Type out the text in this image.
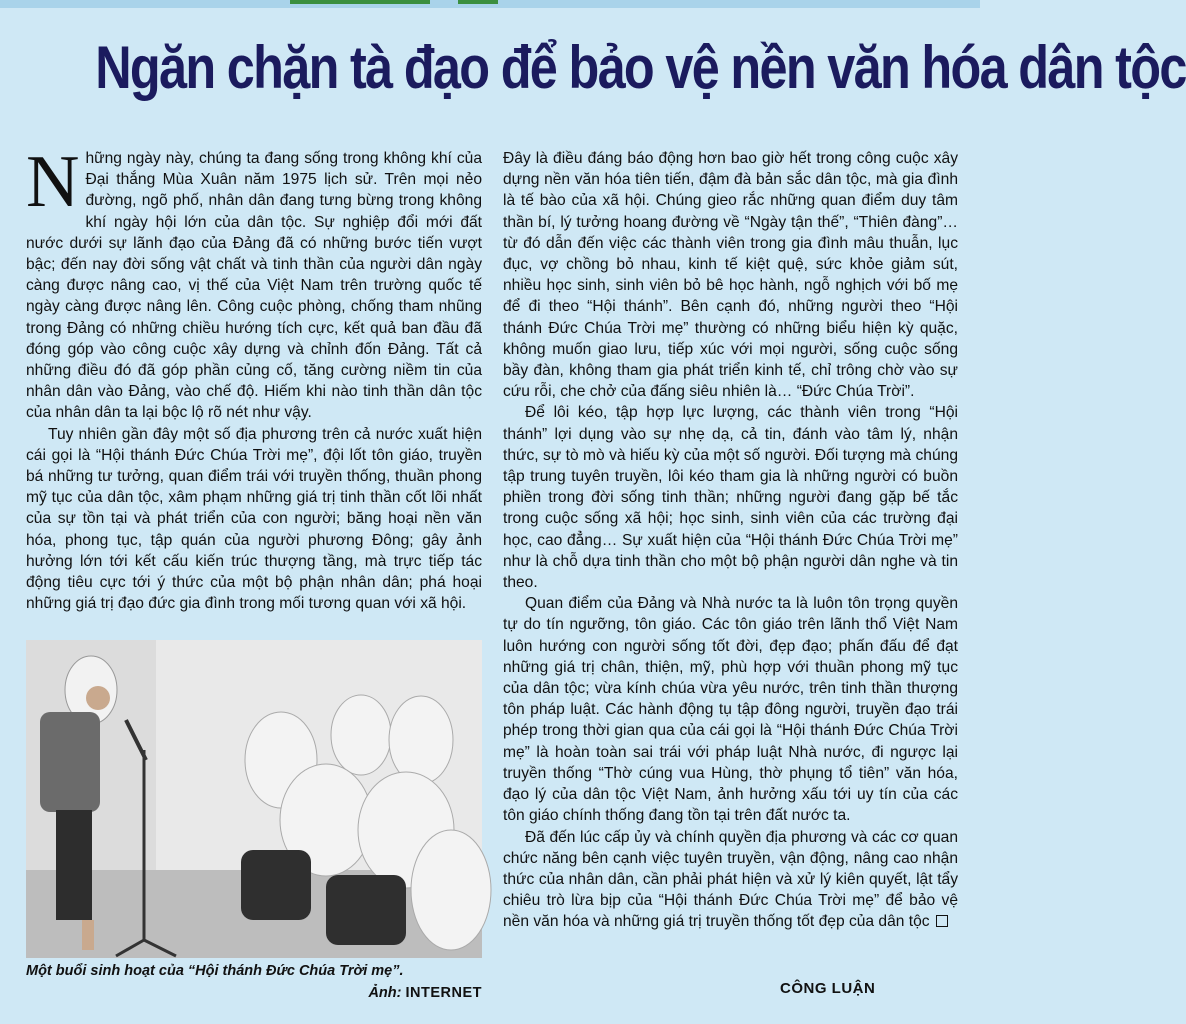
Ngăn chặn tà đạo để bảo vệ nền văn hóa dân tộc

Những ngày này, chúng ta đang sống trong không khí của Đại thắng Mùa Xuân năm 1975 lịch sử. Trên mọi nẻo đường, ngõ phố, nhân dân đang tưng bừng trong không khí ngày hội lớn của dân tộc. Sự nghiệp đổi mới đất nước dưới sự lãnh đạo của Đảng đã có những bước tiến vượt bậc; đến nay đời sống vật chất và tinh thần của người dân ngày càng được nâng cao, vị thế của Việt Nam trên trường quốc tế ngày càng được nâng lên. Công cuộc phòng, chống tham nhũng trong Đảng có những chiều hướng tích cực, kết quả ban đầu đã đóng góp vào công cuộc xây dựng và chỉnh đốn Đảng. Tất cả những điều đó đã góp phần củng cố, tăng cường niềm tin của nhân dân vào Đảng, vào chế độ. Hiếm khi nào tinh thần dân tộc của nhân dân ta lại bộc lộ rõ nét như vậy.

Tuy nhiên gần đây một số địa phương trên cả nước xuất hiện cái gọi là “Hội thánh Đức Chúa Trời mẹ”, đội lốt tôn giáo, truyền bá những tư tưởng, quan điểm trái với truyền thống, thuần phong mỹ tục của dân tộc, xâm phạm những giá trị tinh thần cốt lõi nhất của sự tồn tại và phát triển của con người; băng hoại nền văn hóa, phong tục, tập quán của người phương Đông; gây ảnh hưởng lớn tới kết cấu kiến trúc thượng tầng, mà trực tiếp tác động tiêu cực tới ý thức của một bộ phận nhân dân; phá hoại những giá trị đạo đức gia đình trong mối tương quan với xã hội.

Một buổi sinh hoạt của “Hội thánh Đức Chúa Trời mẹ”.
Ảnh: INTERNET

Đây là điều đáng báo động hơn bao giờ hết trong công cuộc xây dựng nền văn hóa tiên tiến, đậm đà bản sắc dân tộc, mà gia đình là tế bào của xã hội. Chúng gieo rắc những quan điểm duy tâm thần bí, lý tưởng hoang đường về “Ngày tận thế”, “Thiên đàng”… từ đó dẫn đến việc các thành viên trong gia đình mâu thuẫn, lục đục, vợ chồng bỏ nhau, kinh tế kiệt quệ, sức khỏe giảm sút, nhiều học sinh, sinh viên bỏ bê học hành, ngỗ nghịch với bố mẹ để đi theo “Hội thánh”. Bên cạnh đó, những người theo “Hội thánh Đức Chúa Trời mẹ” thường có những biểu hiện kỳ quặc, không muốn giao lưu, tiếp xúc với mọi người, sống cuộc sống bầy đàn, không tham gia phát triển kinh tế, chỉ trông chờ vào sự cứu rỗi, che chở của đấng siêu nhiên là… “Đức Chúa Trời”.

Để lôi kéo, tập hợp lực lượng, các thành viên trong “Hội thánh” lợi dụng vào sự nhẹ dạ, cả tin, đánh vào tâm lý, nhận thức, sự tò mò và hiếu kỳ của một số người. Đối tượng mà chúng tập trung tuyên truyền, lôi kéo tham gia là những người có buồn phiền trong đời sống tinh thần; những người đang gặp bế tắc trong cuộc sống xã hội; học sinh, sinh viên của các trường đại học, cao đẳng… Sự xuất hiện của “Hội thánh Đức Chúa Trời mẹ” như là chỗ dựa tinh thần cho một bộ phận người dân nghe và tin theo.

Quan điểm của Đảng và Nhà nước ta là luôn tôn trọng quyền tự do tín ngưỡng, tôn giáo. Các tôn giáo trên lãnh thổ Việt Nam luôn hướng con người sống tốt đời, đẹp đạo; phấn đấu để đạt những giá trị chân, thiện, mỹ, phù hợp với thuần phong mỹ tục của dân tộc; vừa kính chúa vừa yêu nước, trên tinh thần thượng tôn pháp luật. Các hành động tụ tập đông người, truyền đạo trái phép trong thời gian qua của cái gọi là “Hội thánh Đức Chúa Trời mẹ” là hoàn toàn sai trái với pháp luật Nhà nước, đi ngược lại truyền thống “Thờ cúng vua Hùng, thờ phụng tổ tiên” văn hóa, đạo lý của dân tộc Việt Nam, ảnh hưởng xấu tới uy tín của các tôn giáo chính thống đang tồn tại trên đất nước ta.

Đã đến lúc cấp ủy và chính quyền địa phương và các cơ quan chức năng bên cạnh việc tuyên truyền, vận động, nâng cao nhận thức của nhân dân, cần phải phát hiện và xử lý kiên quyết, lật tẩy chiêu trò lừa bịp của “Hội thánh Đức Chúa Trời mẹ” để bảo vệ nền văn hóa và những giá trị truyền thống tốt đẹp của dân tộc

CÔNG LUẬN
